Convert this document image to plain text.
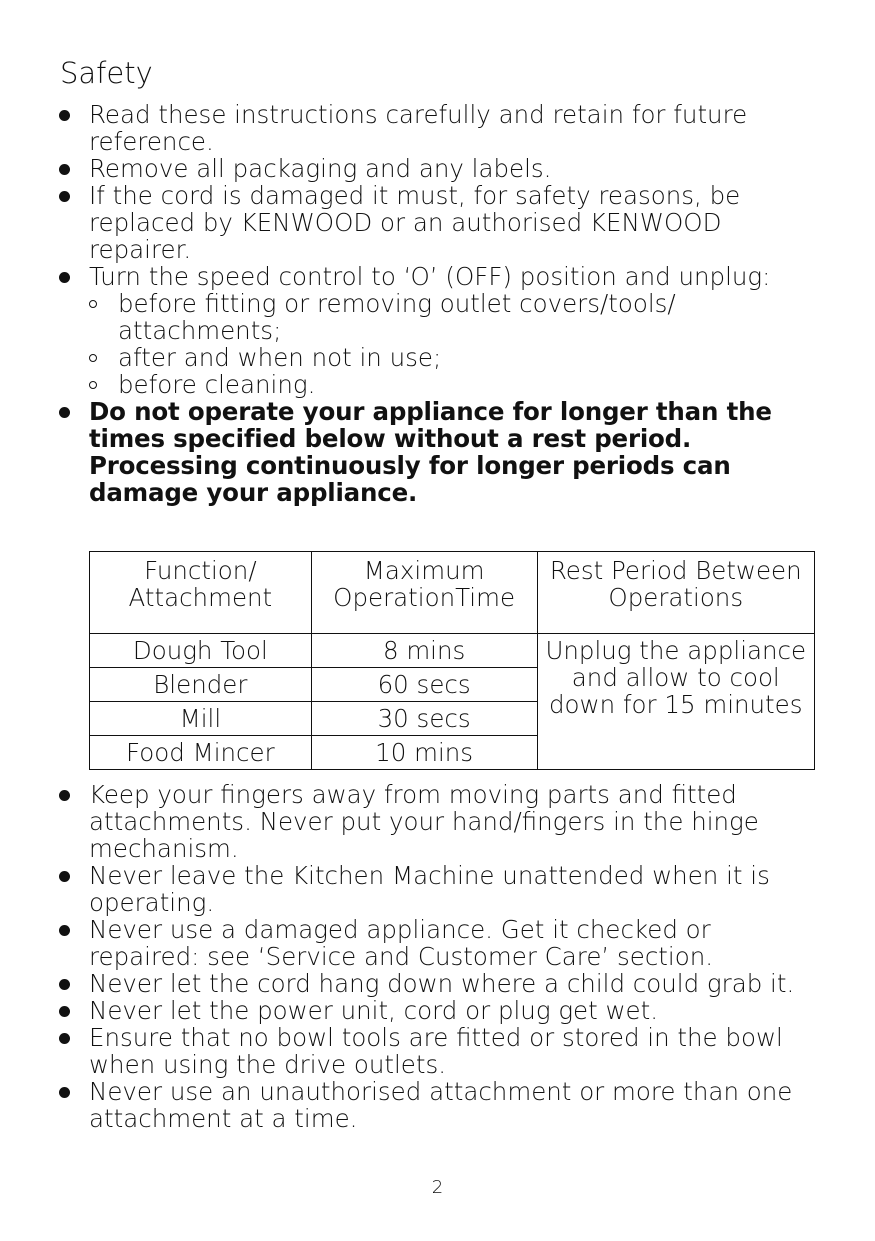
Safety
Read these instructions carefully and retain for future reference.
Remove all packaging and any labels.
If the cord is damaged it must, for safety reasons, be replaced by KENWOOD or an authorised KENWOOD repairer.
Turn the speed control to ‘O’ (OFF) position and unplug:
before fitting or removing outlet covers/tools/ attachments;
after and when not in use;
before cleaning.
Do not operate your appliance for longer than the times specified below without a rest period. Processing continuously for longer periods can damage your appliance.
Function/ Attachment	Maximum OperationTime	Rest Period Between Operations
Dough Tool	8 mins	Unplug the appliance and allow to cool down for 15 minutes
Blender	60 secs	
Mill	30 secs	
Food Mincer	10 mins	
Keep your fingers away from moving parts and fitted attachments. Never put your hand/fingers in the hinge mechanism.
Never leave the Kitchen Machine unattended when it is operating.
Never use a damaged appliance. Get it checked or repaired: see ‘Service and Customer Care’ section.
Never let the cord hang down where a child could grab it.
Never let the power unit, cord or plug get wet.
Ensure that no bowl tools are fitted or stored in the bowl when using the drive outlets.
Never use an unauthorised attachment or more than one attachment at a time.
2
